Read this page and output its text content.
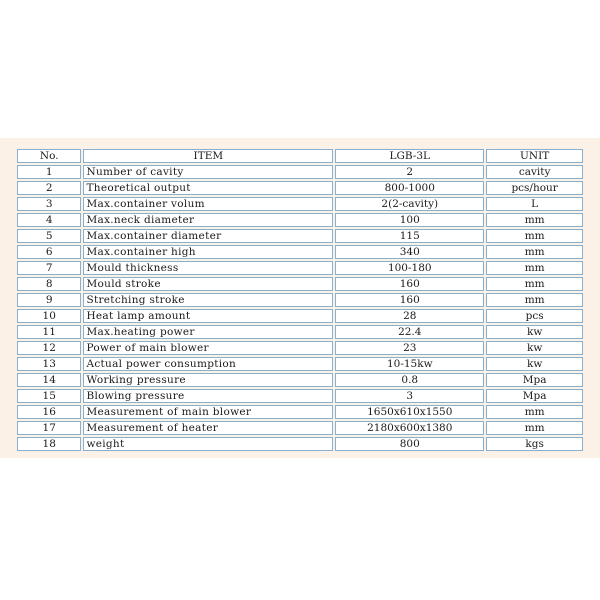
No.	ITEM	LGB-3L	UNIT
1	Number of cavity	2	cavity
2	Theoretical output	800-1000	pcs/hour
3	Max.container volum	2(2-cavity)	L
4	Max.neck diameter	100	mm
5	Max.container diameter	115	mm
6	Max.container high	340	mm
7	Mould thickness	100-180	mm
8	Mould stroke	160	mm
9	Stretching stroke	160	mm
10	Heat lamp amount	28	pcs
11	Max.heating power	22.4	kw
12	Power of main blower	23	kw
13	Actual power consumption	10-15kw	kw
14	Working pressure	0.8	Mpa
15	Blowing pressure	3	Mpa
16	Measurement of main blower	1650x610x1550	mm
17	Measurement of heater	2180x600x1380	mm
18	weight	800	kgs
